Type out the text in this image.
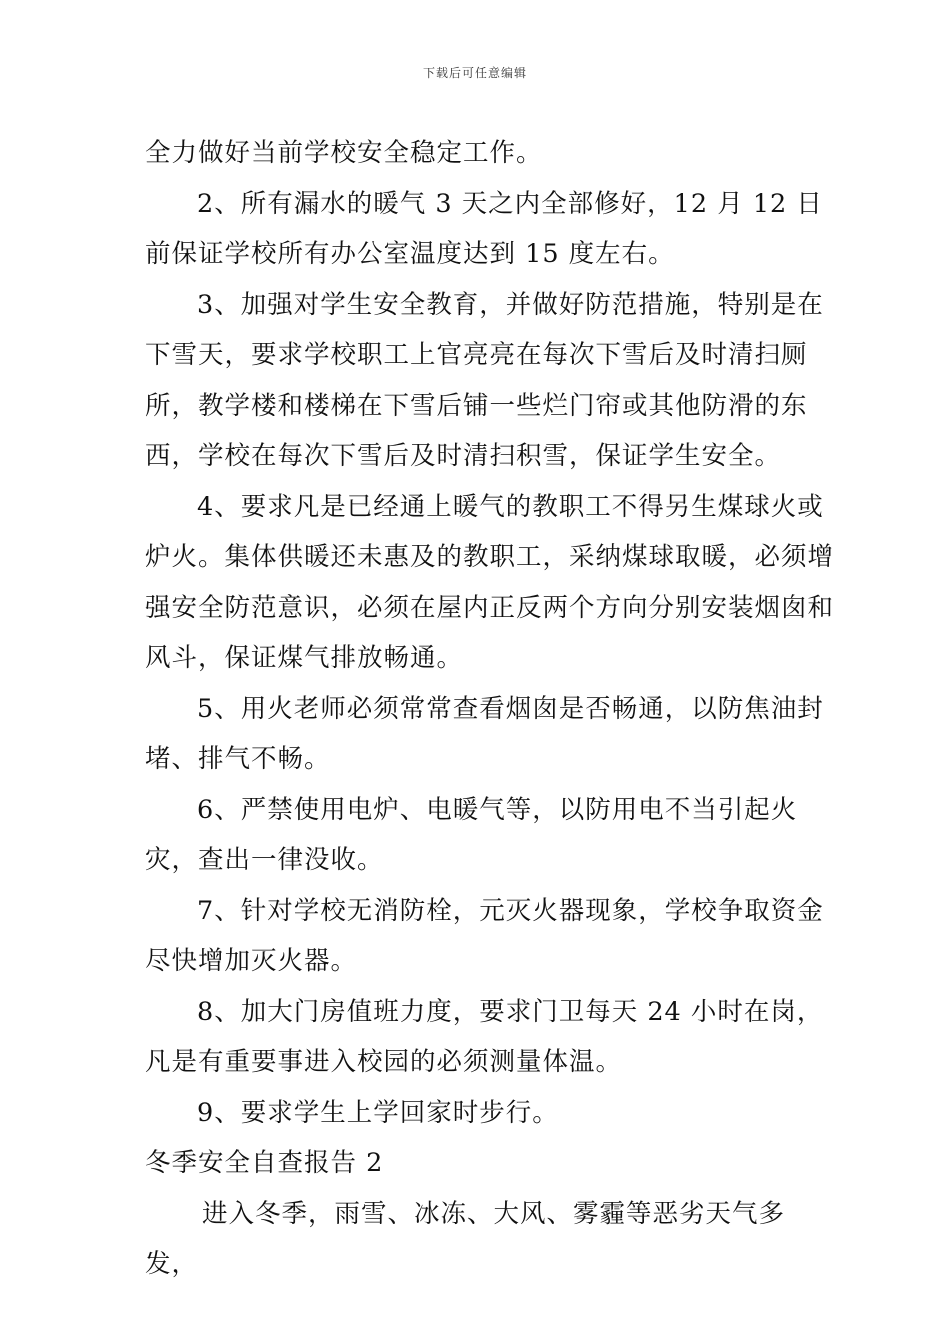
下载后可任意编辑

全力做好当前学校安全稳定工作。

2、所有漏水的暖气 3 天之内全部修好，12 月 12 日前保证学校所有办公室温度达到 15 度左右。

3、加强对学生安全教育，并做好防范措施，特别是在下雪天，要求学校职工上官亮亮在每次下雪后及时清扫厕所，教学楼和楼梯在下雪后铺一些烂门帘或其他防滑的东西，学校在每次下雪后及时清扫积雪，保证学生安全。

4、要求凡是已经通上暖气的教职工不得另生煤球火或炉火。集体供暖还未惠及的教职工，采纳煤球取暖，必须增强安全防范意识，必须在屋内正反两个方向分别安装烟囱和风斗，保证煤气排放畅通。

5、用火老师必须常常查看烟囱是否畅通，以防焦油封堵、排气不畅。

6、严禁使用电炉、电暖气等，以防用电不当引起火灾，查出一律没收。

7、针对学校无消防栓，元灭火器现象，学校争取资金尽快增加灭火器。

8、加大门房值班力度，要求门卫每天 24 小时在岗，凡是有重要事进入校园的必须测量体温。

9、要求学生上学回家时步行。

冬季安全自查报告 2

进入冬季，雨雪、冰冻、大风、雾霾等恶劣天气多发，
